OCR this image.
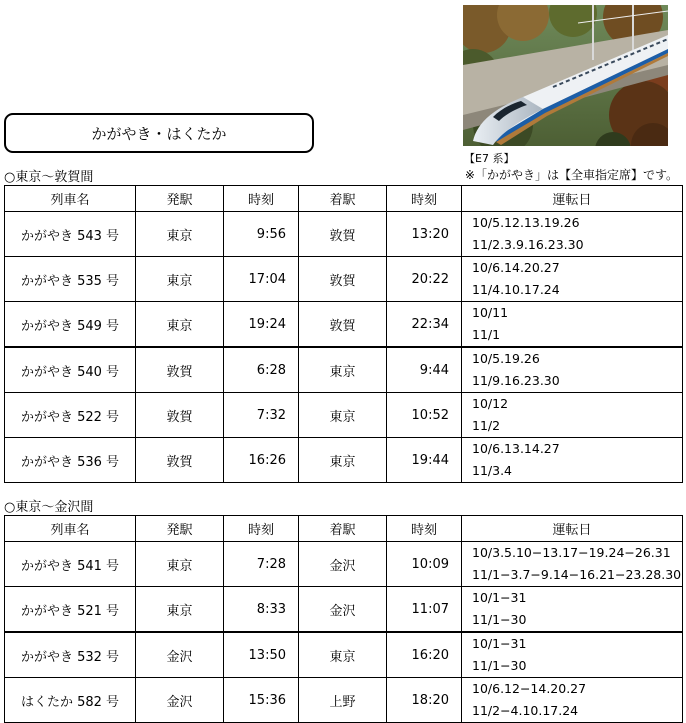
【E7 系】
かがやき・はくたか
○東京～敦賀間	※「かがやき」は【全車指定席】です。
列車名	発駅	時刻	着駅	時刻	運転日
かがやき 543 号	東京	9:56	敦賀	13:20	10/5.12.13.19.26
11/2.3.9.16.23.30

かがやき 535 号	東京	17:04	敦賀	20:22	10/6.14.20.27
11/4.10.17.24

かがやき 549 号	東京	19:24	敦賀	22:34	10/11
11/1

かがやき 540 号	敦賀	6:28	東京	9:44	10/5.19.26
11/9.16.23.30

かがやき 522 号	敦賀	7:32	東京	10:52	10/12
11/2

かがやき 536 号	敦賀	16:26	東京	19:44	10/6.13.14.27
11/3.4
○東京～金沢間
列車名	発駅	時刻	着駅	時刻	運転日
かがやき 541 号	東京	7:28	金沢	10:09	10/3.5.10−13.17−19.24−26.31
11/1−3.7−9.14−16.21−23.28.30

かがやき 521 号	東京	8:33	金沢	11:07	10/1−31
11/1−30

かがやき 532 号	金沢	13:50	東京	16:20	10/1−31
11/1−30

はくたか 582 号	金沢	15:36	上野	18:20	10/6.12−14.20.27
11/2−4.10.17.24
